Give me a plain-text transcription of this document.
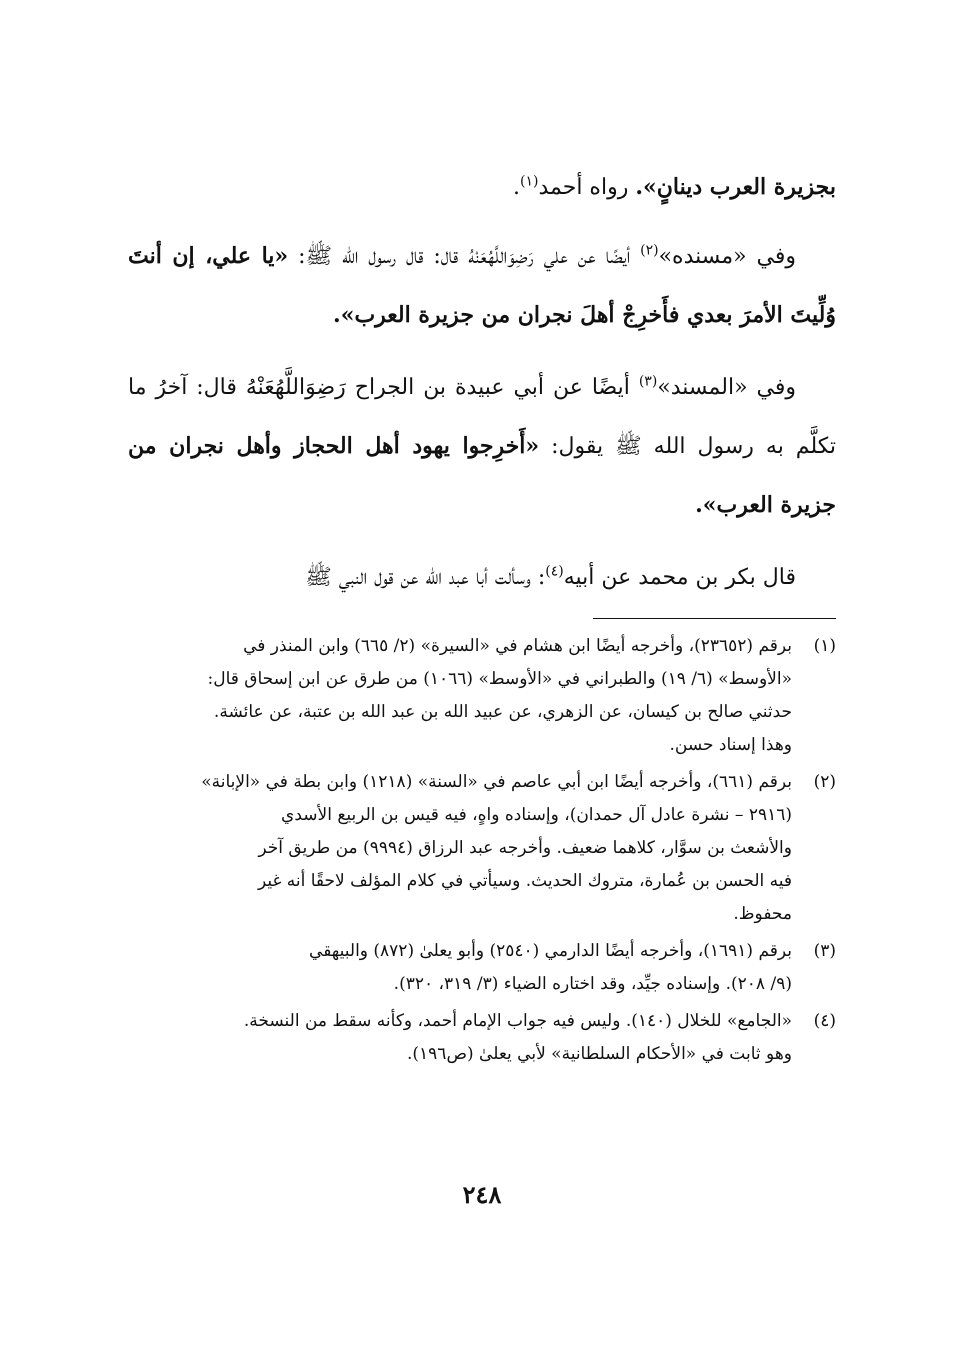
بجزيرة العرب دينانٍ». رواه أحمد$^{(١)}$.

وفي «مسنده»$^{(٢)}$ أيضًا عن علي رَضِوَاللَّهُعَنْهُ قال: قال رسول الله ﷺ: «يا علي، إن أنتَ وُلِّيتَ الأمرَ بعدي فأَخرِجْ أهلَ نجران من جزيرة العرب».

وفي «المسند»$^{(٣)}$ أيضًا عن أبي عبيدة بن الجراح رَضِوَاللَّهُعَنْهُ قال: آخرُ ما تكلَّم به رسول الله ﷺ يقول: «أَخرِجوا يهود أهل الحجاز وأهل نجران من جزيرة العرب».

قال بكر بن محمد عن أبيه$^{(٤)}$: وسألت أبا عبد الله عن قول النبي ﷺ

(١)
برقم (٢٣٦٥٢)، وأخرجه أيضًا ابن هشام في «السيرة» (٢/ ٦٦٥) وابن المنذر في
«الأوسط» (٦/ ١٩) والطبراني في «الأوسط» (١٠٦٦) من طرق عن ابن إسحاق قال:
حدثني صالح بن كيسان، عن الزهري، عن عبيد الله بن عبد الله بن عتبة، عن عائشة.
وهذا إسناد حسن.
(٢)
برقم (٦٦١)، وأخرجه أيضًا ابن أبي عاصم في «السنة» (١٢١٨) وابن بطة في «الإبانة»
(٢٩١٦ – نشرة عادل آل حمدان)، وإسناده واهٍ، فيه قيس بن الربيع الأسدي
والأشعث بن سوَّار، كلاهما ضعيف. وأخرجه عبد الرزاق (٩٩٩٤) من طريق آخر
فيه الحسن بن عُمارة، متروك الحديث. وسيأتي في كلام المؤلف لاحقًا أنه غير
محفوظ.
(٣)
برقم (١٦٩١)، وأخرجه أيضًا الدارمي (٢٥٤٠) وأبو يعلىٰ (٨٧٢) والبيهقي
(٩/ ٢٠٨). وإسناده جيِّد، وقد اختاره الضياء (٣/ ٣١٩، ٣٢٠).
(٤)
«الجامع» للخلال (١٤٠). وليس فيه جواب الإمام أحمد، وكأنه سقط من النسخة.
وهو ثابت في «الأحكام السلطانية» لأبي يعلىٰ (ص١٩٦).
٢٤٨
